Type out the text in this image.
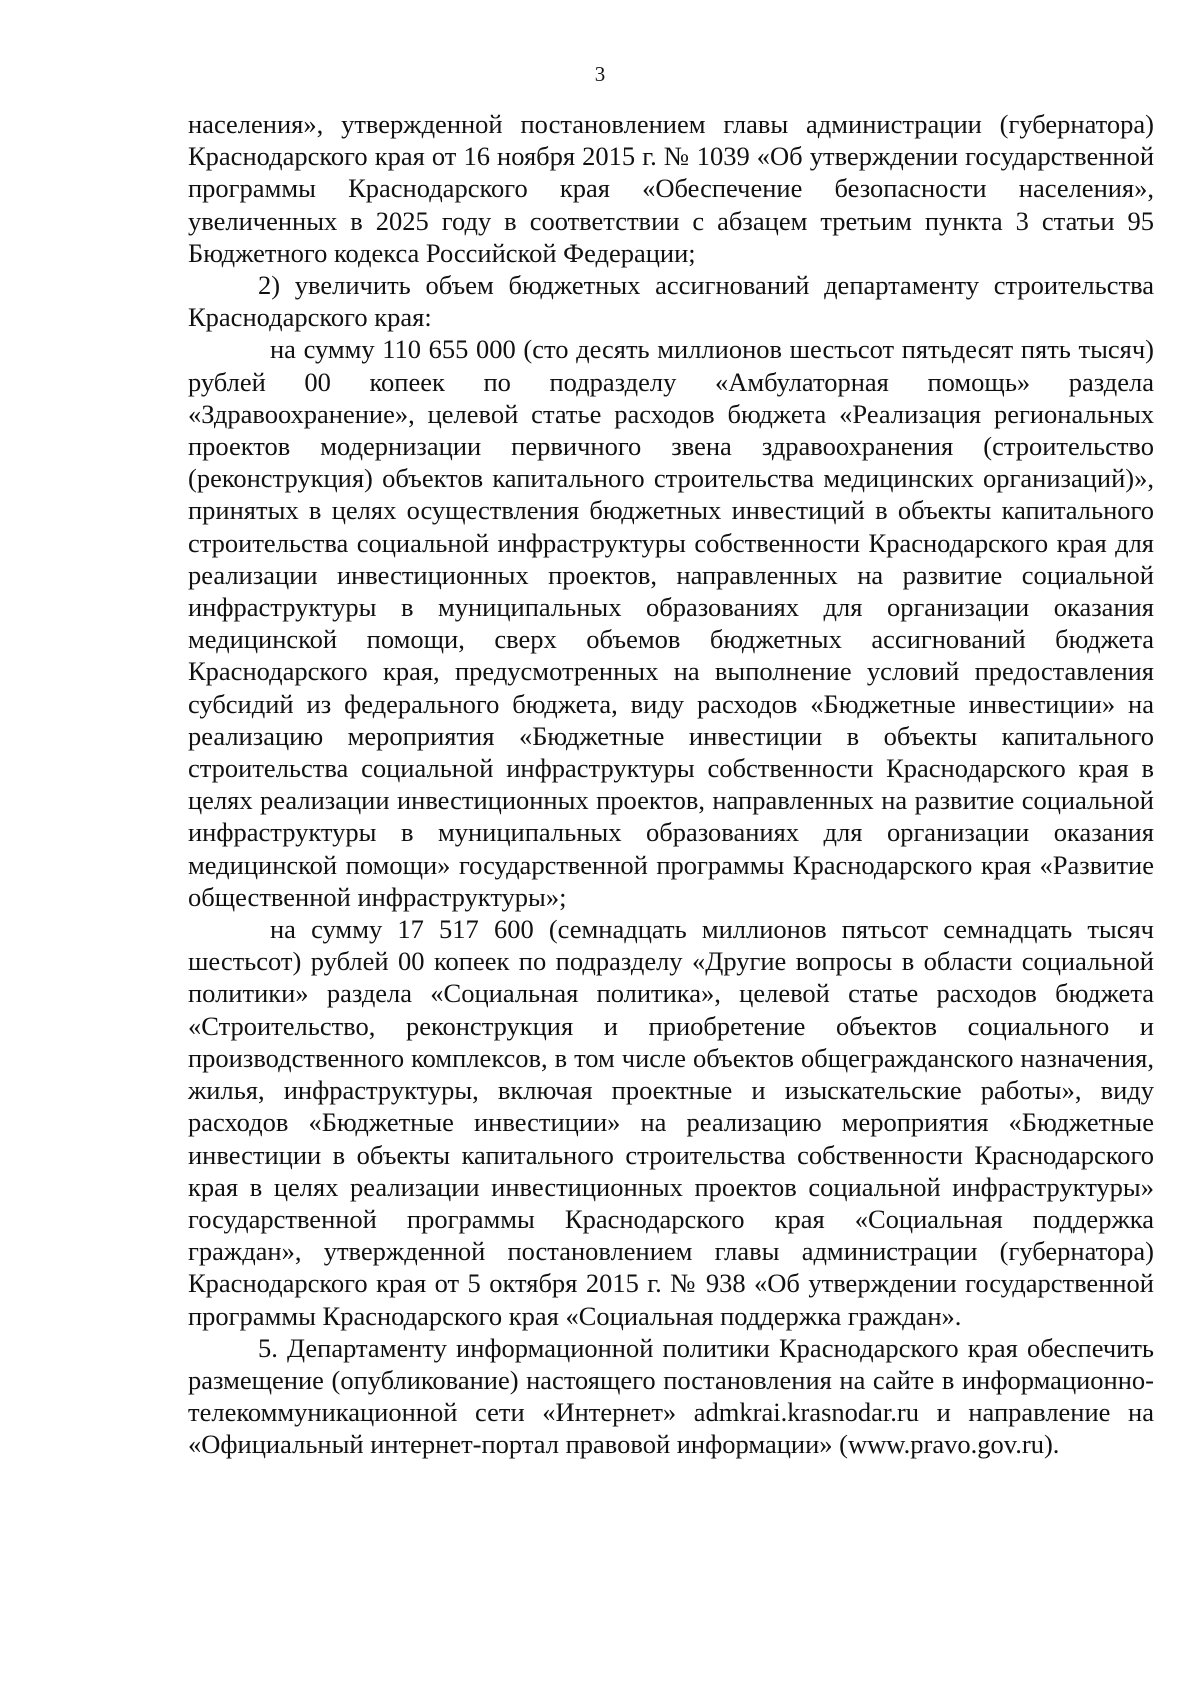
3

населения», утвержденной постановлением главы администрации (губернатора) Краснодарского края от 16 ноября 2015 г. № 1039 «Об утверждении государственной программы Краснодарского края «Обеспечение безопасности населения», увеличенных в 2025 году в соответствии с абзацем третьим пункта 3 статьи 95 Бюджетного кодекса Российской Федерации;

2) увеличить объем бюджетных ассигнований департаменту строительства Краснодарского края:

на сумму 110 655 000 (сто десять миллионов шестьсот пятьдесят пять тысяч) рублей 00 копеек по подразделу «Амбулаторная помощь» раздела «Здравоохранение», целевой статье расходов бюджета «Реализация региональных проектов модернизации первичного звена здравоохранения (строительство (реконструкция) объектов капитального строительства медицинских организаций)», принятых в целях осуществления бюджетных инвестиций в объекты капитального строительства социальной инфраструктуры собственности Краснодарского края для реализации инвестиционных проектов, направленных на развитие социальной инфраструктуры в муниципальных образованиях для организации оказания медицинской помощи, сверх объемов бюджетных ассигнований бюджета Краснодарского края, предусмотренных на выполнение условий предоставления субсидий из федерального бюджета, виду расходов «Бюджетные инвестиции» на реализацию мероприятия «Бюджетные инвестиции в объекты капитального строительства социальной инфраструктуры собственности Краснодарского края в целях реализации инвестиционных проектов, направленных на развитие социальной инфраструктуры в муниципальных образованиях для организации оказания медицинской помощи» государственной программы Краснодарского края «Развитие общественной инфраструктуры»;

на сумму 17 517 600 (семнадцать миллионов пятьсот семнадцать тысяч шестьсот) рублей 00 копеек по подразделу «Другие вопросы в области социальной политики» раздела «Социальная политика», целевой статье расходов бюджета «Строительство, реконструкция и приобретение объектов социального и производственного комплексов, в том числе объектов общегражданского назначения, жилья, инфраструктуры, включая проектные и изыскательские работы», виду расходов «Бюджетные инвестиции» на реализацию мероприятия «Бюджетные инвестиции в объекты капитального строительства собственности Краснодарского края в целях реализации инвестиционных проектов социальной инфраструктуры» государственной программы Краснодарского края «Социальная поддержка граждан», утвержденной постановлением главы администрации (губернатора) Краснодарского края от 5 октября 2015 г. № 938 «Об утверждении государственной программы Краснодарского края «Социальная поддержка граждан».

5. Департаменту информационной политики Краснодарского края обеспечить размещение (опубликование) настоящего постановления на сайте в информационно-телекоммуникационной сети «Интернет» admkrai.krasnodar.ru и направление на «Официальный интернет-портал правовой информации» (www.pravo.gov.ru).
